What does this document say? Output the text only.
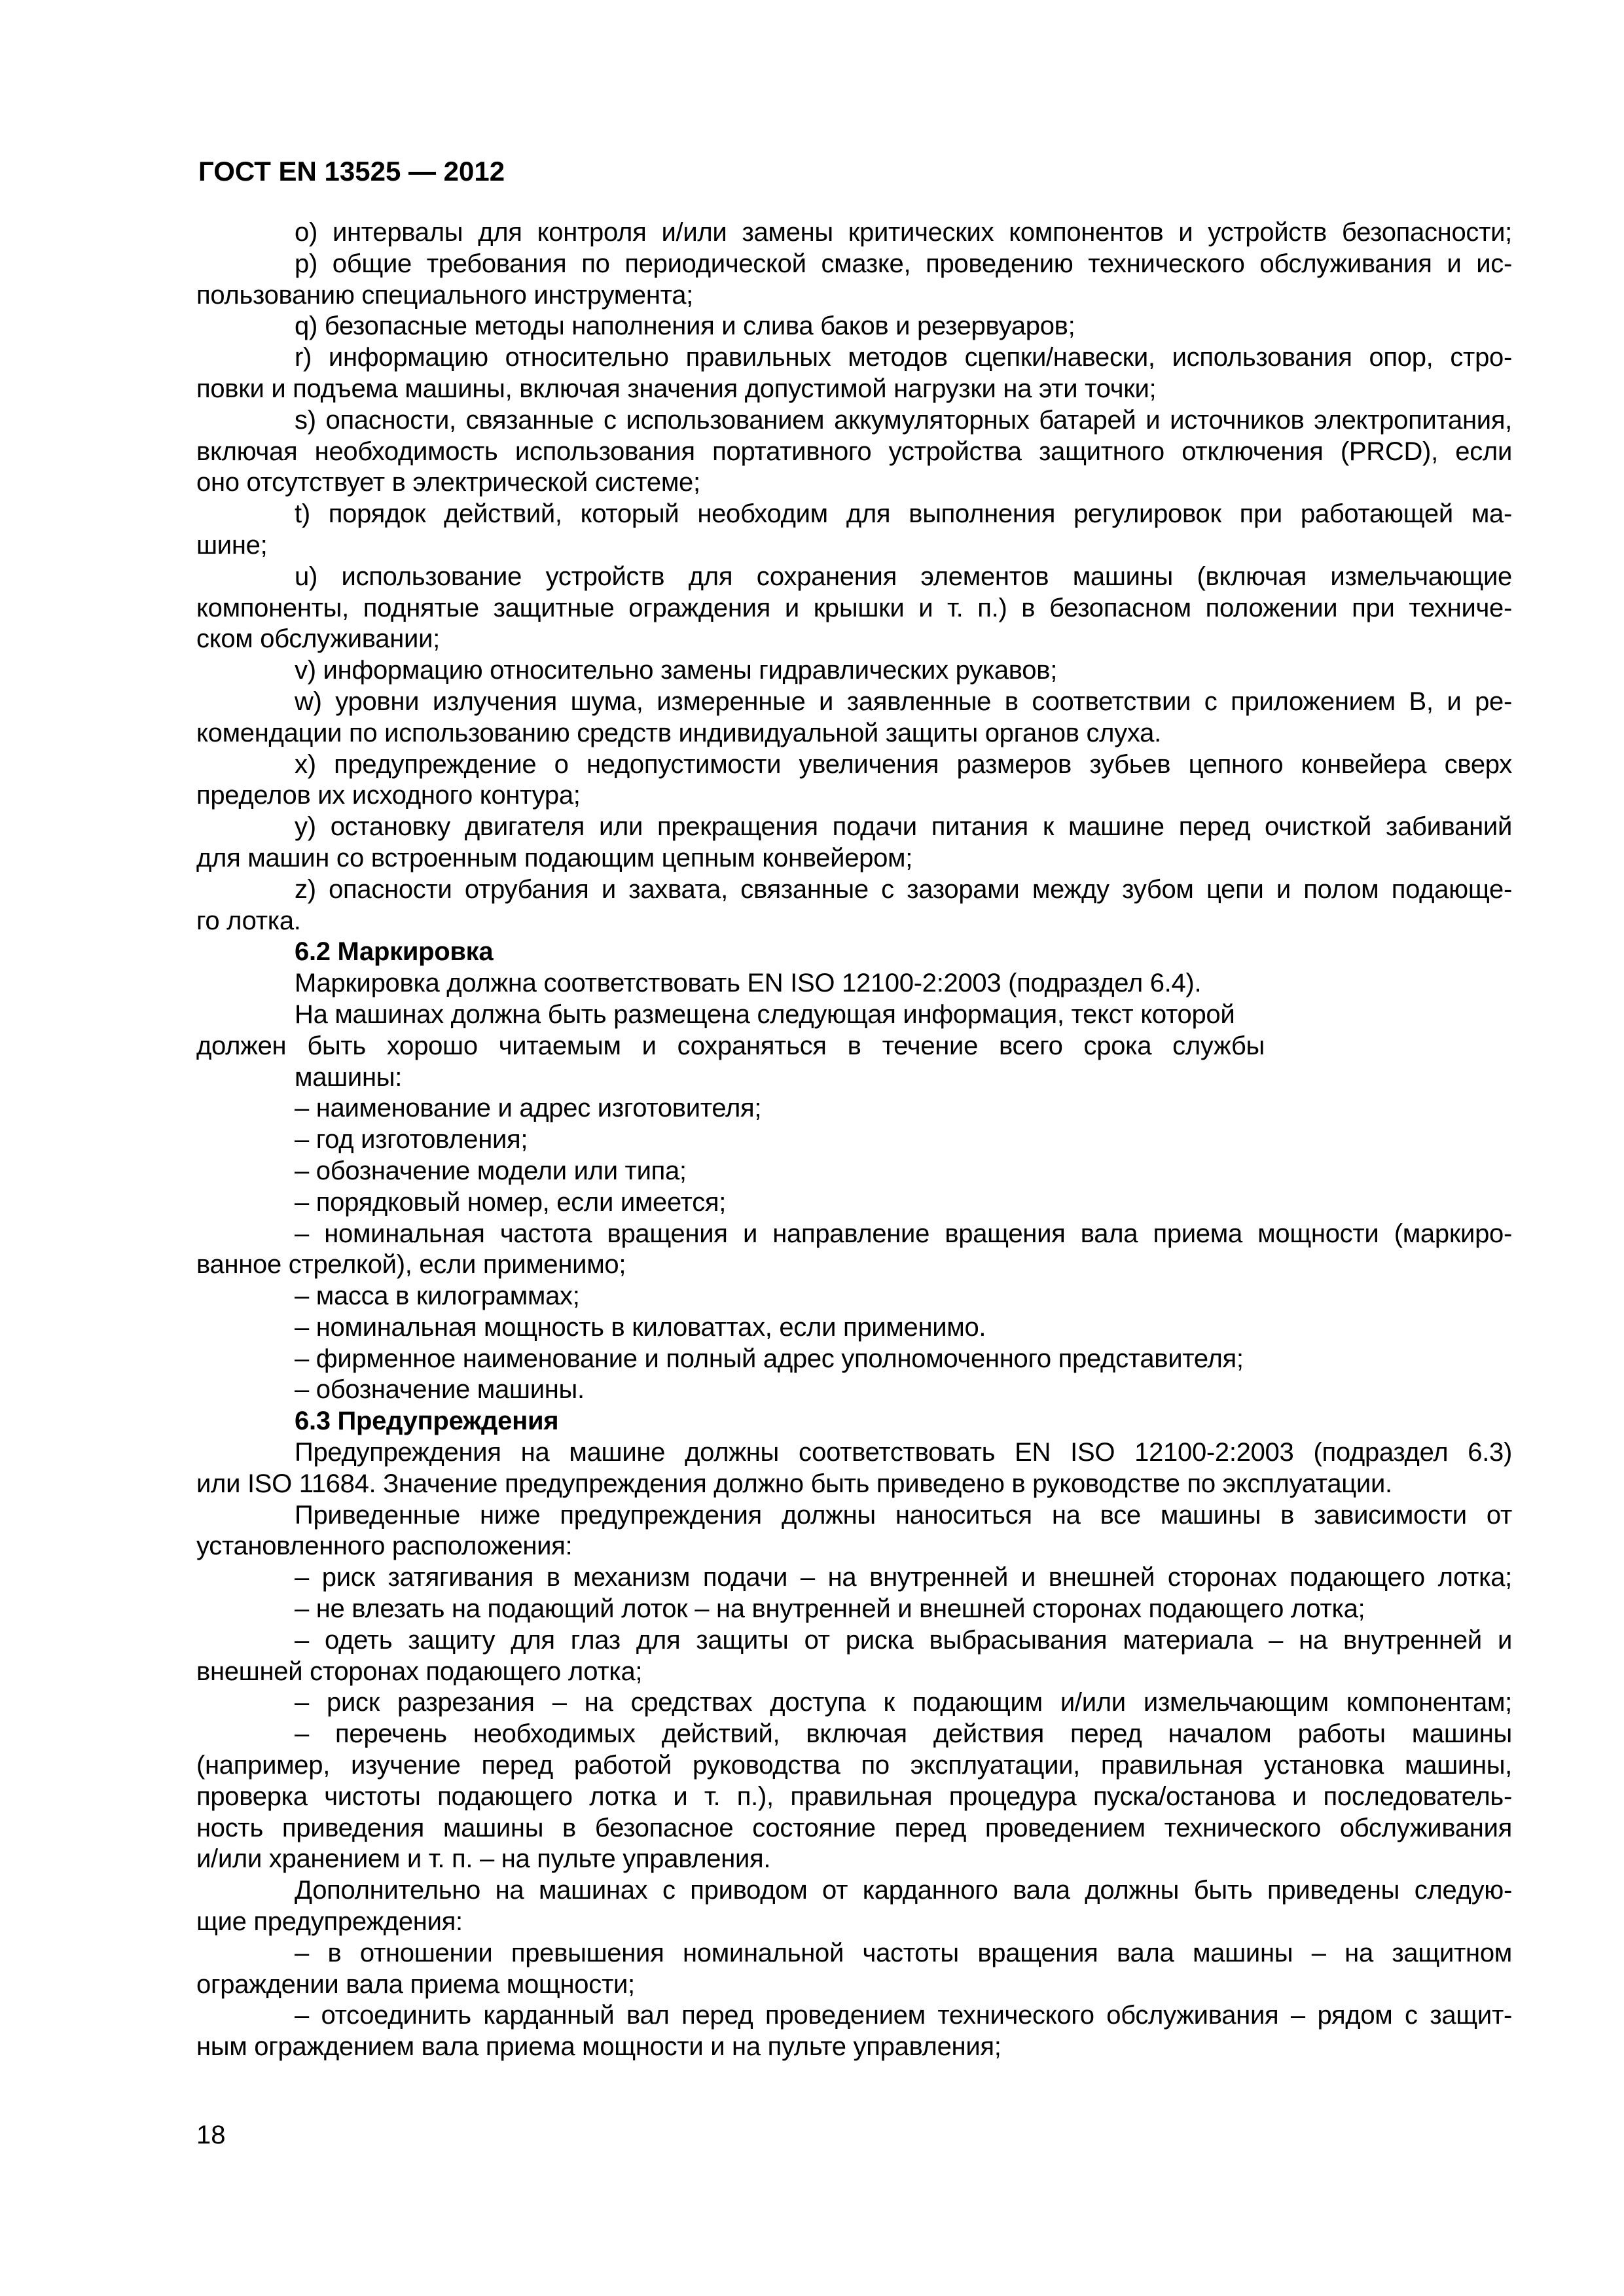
ГОСТ EN 13525 — 2012
о) интервалы для контроля и/или замены критических компонентов и устройств безопасности;
р) общие требования по периодической смазке, проведению технического обслуживания и ис-
пользованию специального инструмента;
q) безопасные методы наполнения и слива баков и резервуаров;
r) информацию относительно правильных методов сцепки/навески, использования опор, стро-
повки и подъема машины, включая значения допустимой нагрузки на эти точки;
s) опасности, связанные с использованием аккумуляторных батарей и источников электропитания,
включая необходимость использования портативного устройства защитного отключения (PRCD), если
оно отсутствует в электрической системе;
t) порядок действий, который необходим для выполнения регулировок при работающей ма-
шине;
u) использование устройств для сохранения элементов машины (включая измельчающие
компоненты, поднятые защитные ограждения и крышки и т. п.) в безопасном положении при техниче-
ском обслуживании;
v) информацию относительно замены гидравлических рукавов;
w) уровни излучения шума, измеренные и заявленные в соответствии с приложением В, и ре-
комендации по использованию средств индивидуальной защиты органов слуха.
x) предупреждение о недопустимости увеличения размеров зубьев цепного конвейера сверх
пределов их исходного контура;
y) остановку двигателя или прекращения подачи питания к машине перед очисткой забиваний
для машин со встроенным подающим цепным конвейером;
z) опасности отрубания и захвата, связанные с зазорами между зубом цепи и полом подающе-
го лотка.
6.2 Маркировка
Маркировка должна соответствовать EN ISO 12100-2:2003 (подраздел 6.4).
На машинах должна быть размещена следующая информация, текст которой
должен быть хорошо читаемым и сохраняться в течение всего срока службы
машины:
– наименование и адрес изготовителя;
– год изготовления;
– обозначение модели или типа;
– порядковый номер, если имеется;
– номинальная частота вращения и направление вращения вала приема мощности (маркиро-
ванное стрелкой), если применимо;
– масса в килограммах;
– номинальная мощность в киловаттах, если применимо.
– фирменное наименование и полный адрес уполномоченного представителя;
– обозначение машины.
6.3 Предупреждения
Предупреждения на машине должны соответствовать EN ISO 12100-2:2003 (подраздел 6.3)
или ISO 11684. Значение предупреждения должно быть приведено в руководстве по эксплуатации.
Приведенные ниже предупреждения должны наноситься на все машины в зависимости от
установленного расположения:
– риск затягивания в механизм подачи – на внутренней и внешней сторонах подающего лотка;
– не влезать на подающий лоток – на внутренней и внешней сторонах подающего лотка;
– одеть защиту для глаз для защиты от риска выбрасывания материала – на внутренней и
внешней сторонах подающего лотка;
– риск разрезания – на средствах доступа к подающим и/или измельчающим компонентам;
– перечень необходимых действий, включая действия перед началом работы машины
(например, изучение перед работой руководства по эксплуатации, правильная установка машины,
проверка чистоты подающего лотка и т. п.), правильная процедура пуска/останова и последователь-
ность приведения машины в безопасное состояние перед проведением технического обслуживания
и/или хранением и т. п. – на пульте управления.
Дополнительно на машинах с приводом от карданного вала должны быть приведены следую-
щие предупреждения:
– в отношении превышения номинальной частоты вращения вала машины – на защитном
ограждении вала приема мощности;
– отсоединить карданный вал перед проведением технического обслуживания – рядом с защит-
ным ограждением вала приема мощности и на пульте управления;
18
